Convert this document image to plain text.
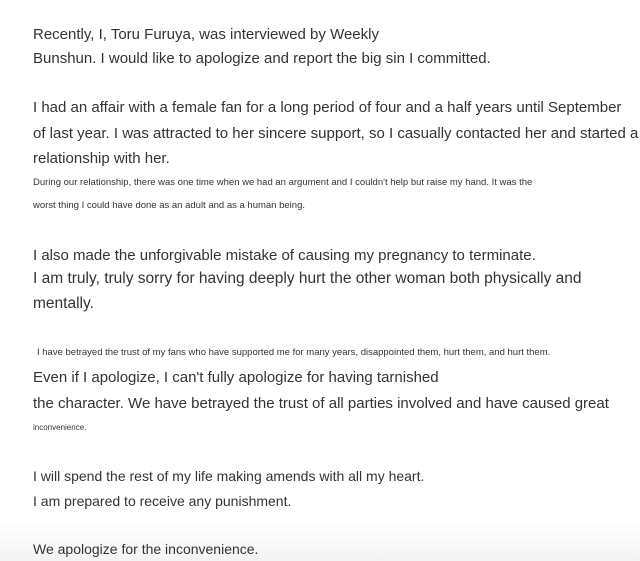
Recently, I, Toru Furuya, was interviewed by Weekly
Bunshun. I would like to apologize and report the big sin I committed.
I had an affair with a female fan for a long period of four and a half years until September
of last year. I was attracted to her sincere support, so I casually contacted her and started a
relationship with her.
During our relationship, there was one time when we had an argument and I couldn't help but raise my hand. It was the
worst thing I could have done as an adult and as a human being.
I also made the unforgivable mistake of causing my pregnancy to terminate.
I am truly, truly sorry for having deeply hurt the other woman both physically and
mentally.
I have betrayed the trust of my fans who have supported me for many years, disappointed them, hurt them, and hurt them.
Even if I apologize, I can't fully apologize for having tarnished
the character. We have betrayed the trust of all parties involved and have caused great
inconvenience.
I will spend the rest of my life making amends with all my heart.
I am prepared to receive any punishment.
We apologize for the inconvenience.
